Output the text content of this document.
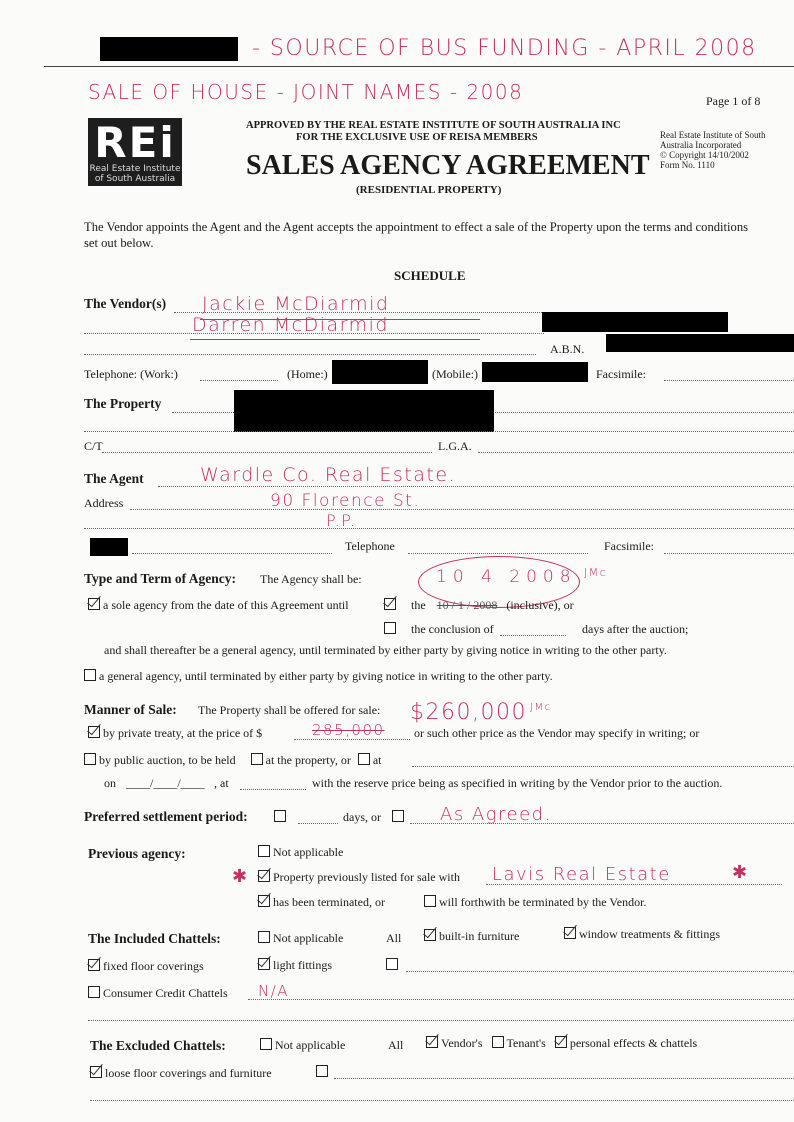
- SOURCE OF BUS FUNDING - APRIL 2008
SALE OF HOUSE - JOINT NAMES - 2008	Page 1 of 8
REi
Real Estate Institute
of South Australia
APPROVED BY THE REAL ESTATE INSTITUTE OF SOUTH AUSTRALIA INC
FOR THE EXCLUSIVE USE OF REISA MEMBERS
SALES AGENCY AGREEMENT
(RESIDENTIAL PROPERTY)
Real Estate Institute of South
Australia Incorporated
© Copyright 14/10/2002
Form No. 1110
The Vendor appoints the Agent and the Agent accepts the appointment to effect a sale of the Property upon the terms and conditions
set out below.
SCHEDULE
The Vendor(s) Jackie McDiarmid
Darren McDiarmid
A.B.N.
Telephone: (Work:)	(Home:)	(Mobile:)	Facsimile:
The Property
C/T	L.G.A.
The Agent	Wardle Co. Real Estate.
Address	90 Florence St.
P.P.
Telephone	Facsimile:
Type and Term of Agency: The Agency shall be:	10 4 2008 JMc
a sole agency from the date of this Agreement until	the 10 / 1 / 2008 (inclusive), or
the conclusion of	days after the auction;
and shall thereafter be a general agency, until terminated by either party by giving notice in writing to the other party.
a general agency, until terminated by either party by giving notice in writing to the other party.
Manner of Sale: The Property shall be offered for sale: $260,000 JMc
by private treaty, at the price of $	285,000 or such other price as the Vendor may specify in writing; or
by public auction, to be held	at the property, or at
on ____/____/____ , at	with the reserve price being as specified in writing by the Vendor prior to the auction.
Preferred settlement period:	days, or	As Agreed.
Previous agency:	Not applicable
✱	Property previously listed for sale with Lavis Real Estate	✱
has been terminated, or	will forthwith be terminated by the Vendor.
The Included Chattels:	Not applicable	All	built-in furniture	window treatments & fittings
fixed floor coverings	light fittings
Consumer Credit Chattels N/A
The Excluded Chattels:	Not applicable	All	Vendor's Tenant's personal effects & chattels
loose floor coverings and furniture
